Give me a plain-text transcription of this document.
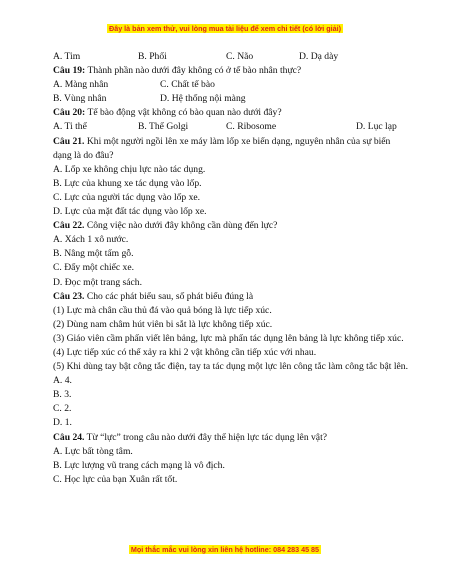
Đây là bản xem thử, vui lòng mua tài liệu để xem chi tiết (có lời giải)
A. Tim	B. Phổi	C. Não	D. Dạ dày
Câu 19: Thành phần nào dưới đây không có ở tế bào nhân thực?
A. Màng nhân	C. Chất tế bào
B. Vùng nhân	D. Hệ thống nội màng
Câu 20: Tế bào động vật không có bào quan nào dưới đây?
A. Ti thể	B. Thể Golgi	C. Ribosome	D. Lục lạp
Câu 21. Khi một người ngồi lên xe máy làm lốp xe biến dạng, nguyên nhân của sự biến dạng là do đâu?
A. Lốp xe không chịu lực nào tác dụng.
B. Lực của khung xe tác dụng vào lốp.
C. Lực của người tác dụng vào lốp xe.
D. Lực của mặt đất tác dụng vào lốp xe.
Câu 22. Công việc nào dưới đây không cần dùng đến lực?
A. Xách 1 xô nước.
B. Nâng một tấm gỗ.
C. Đẩy một chiếc xe.
D. Đọc một trang sách.
Câu 23. Cho các phát biểu sau, số phát biểu đúng là
(1) Lực mà chân cầu thủ đá vào quả bóng là lực tiếp xúc.
(2) Dùng nam châm hút viên bi sắt là lực không tiếp xúc.
(3) Giáo viên cầm phấn viết lên bảng, lực mà phấn tác dụng lên bảng là lực không tiếp xúc.
(4) Lực tiếp xúc có thể xảy ra khi 2 vật không cần tiếp xúc với nhau.
(5) Khi dùng tay bật công tắc điện, tay ta tác dụng một lực lên công tắc làm công tắc bật lên.
A. 4.
B. 3.
C. 2.
D. 1.
Câu 24. Từ “lực” trong câu nào dưới đây thể hiện lực tác dụng lên vật?
A. Lực bất tòng tâm.
B. Lực lượng vũ trang cách mạng là vô địch.
C. Học lực của bạn Xuân rất tốt.
Mọi thắc mắc vui lòng xin liên hệ hotline: 084 283 45 85
